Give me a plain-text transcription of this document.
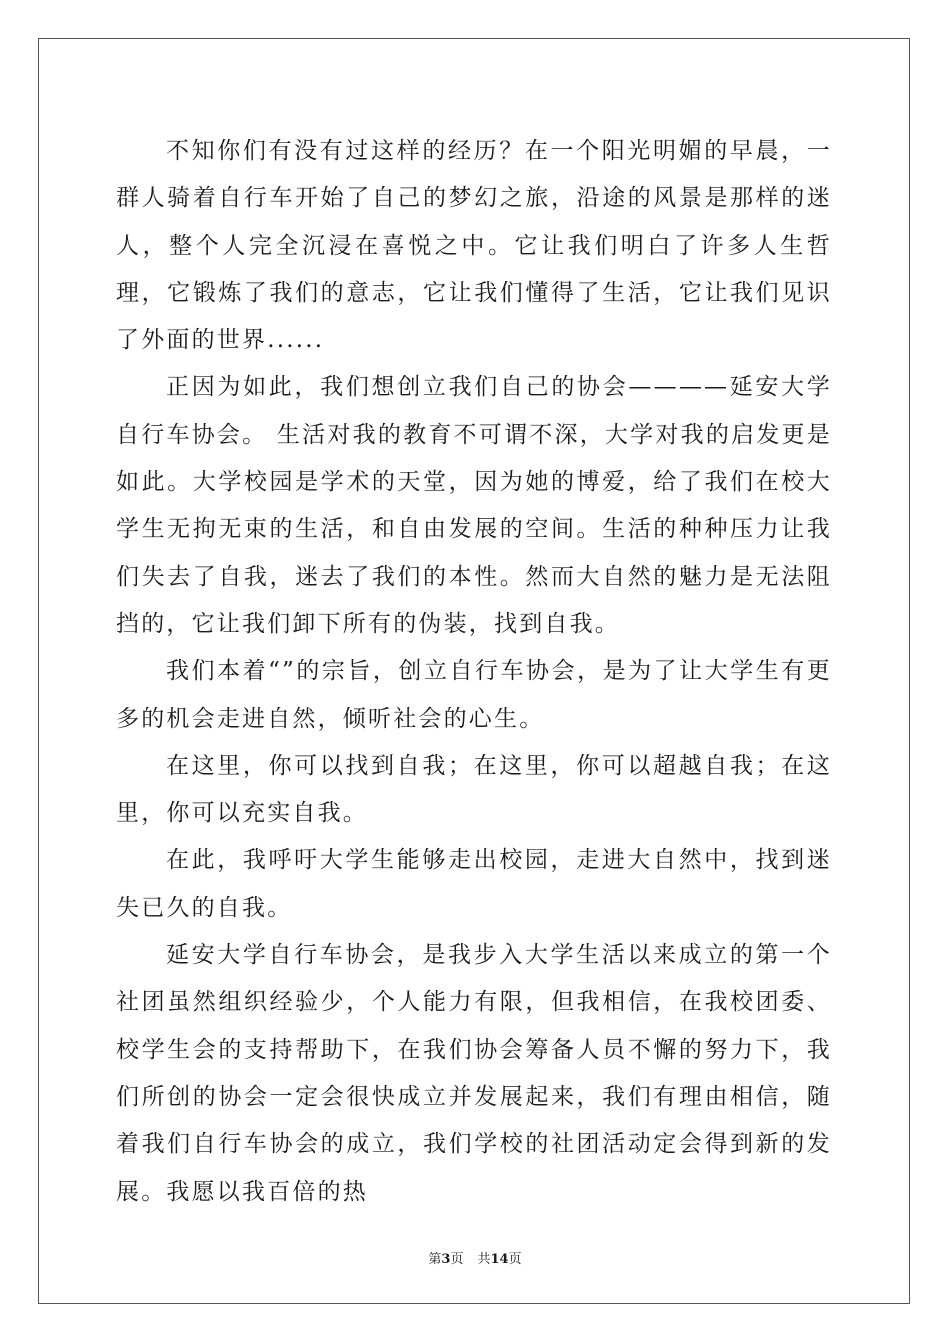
不知你们有没有过这样的经历？在一个阳光明媚的早晨，一群人骑着自行车开始了自己的梦幻之旅，沿途的风景是那样的迷人，整个人完全沉浸在喜悦之中。它让我们明白了许多人生哲理，它锻炼了我们的意志，它让我们懂得了生活，它让我们见识了外面的世界......

正因为如此，我们想创立我们自己的协会————延安大学自行车协会。 生活对我的教育不可谓不深，大学对我的启发更是如此。大学校园是学术的天堂，因为她的博爱，给了我们在校大学生无拘无束的生活，和自由发展的空间。生活的种种压力让我们失去了自我，迷去了我们的本性。然而大自然的魅力是无法阻挡的，它让我们卸下所有的伪装，找到自我。

我们本着“”的宗旨，创立自行车协会，是为了让大学生有更多的机会走进自然，倾听社会的心生。

在这里，你可以找到自我；在这里，你可以超越自我；在这里，你可以充实自我。

在此，我呼吁大学生能够走出校园，走进大自然中，找到迷失已久的自我。

延安大学自行车协会，是我步入大学生活以来成立的第一个社团虽然组织经验少，个人能力有限，但我相信，在我校团委、校学生会的支持帮助下，在我们协会筹备人员不懈的努力下，我们所创的协会一定会很快成立并发展起来，我们有理由相信，随着我们自行车协会的成立，我们学校的社团活动定会得到新的发展。我愿以我百倍的热

第3页 共14页
